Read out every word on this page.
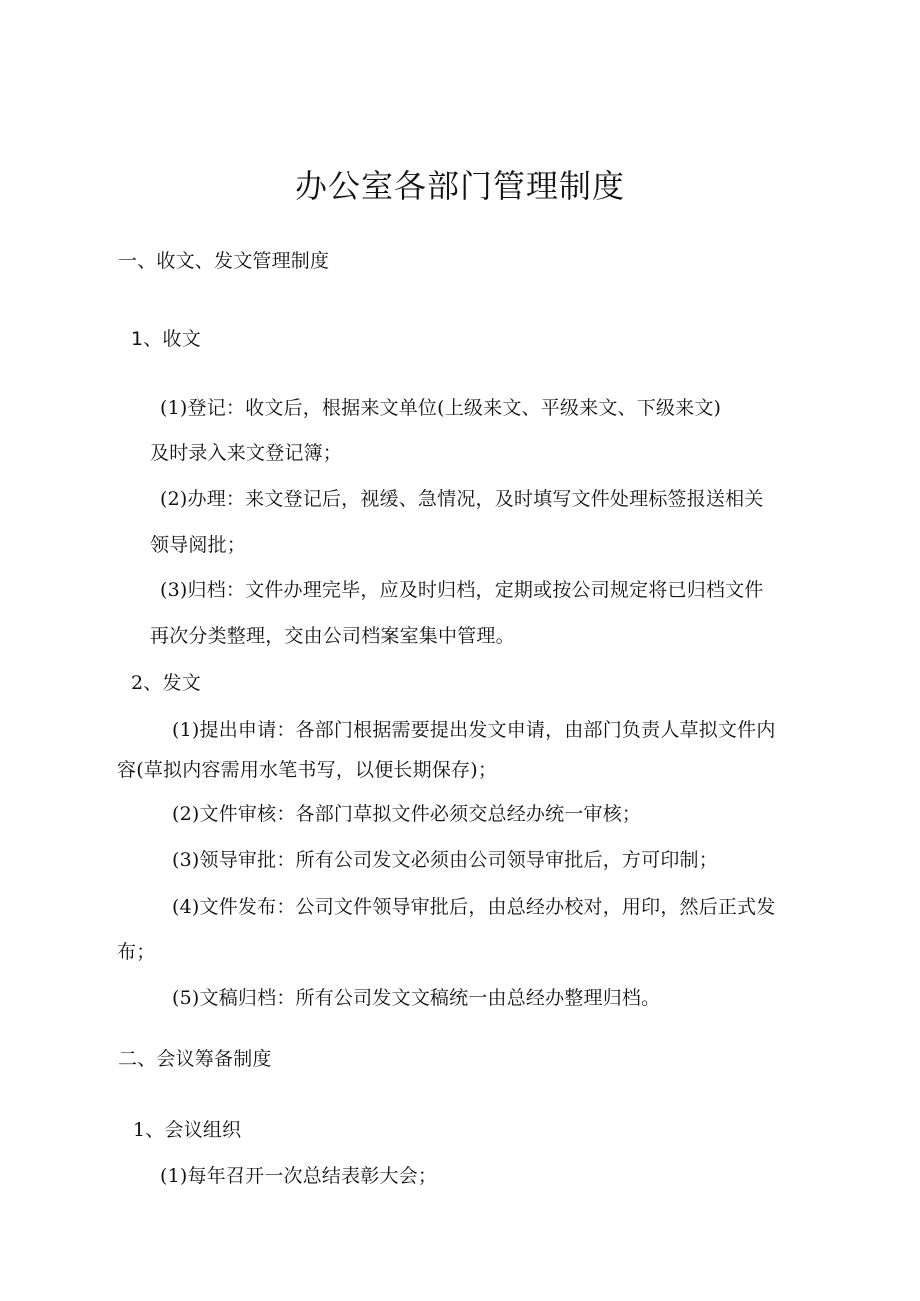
办公室各部门管理制度
一、收文、发文管理制度
1、收文
(1)登记：收文后，根据来文单位(上级来文、平级来文、下级来文)
及时录入来文登记簿；
(2)办理：来文登记后，视缓、急情况，及时填写文件处理标签报送相关
领导阅批；
(3)归档：文件办理完毕，应及时归档，定期或按公司规定将已归档文件
再次分类整理，交由公司档案室集中管理。
2、发文
(1)提出申请：各部门根据需要提出发文申请，由部门负责人草拟文件内
容(草拟内容需用水笔书写，以便长期保存)；
(2)文件审核：各部门草拟文件必须交总经办统一审核；
(3)领导审批：所有公司发文必须由公司领导审批后，方可印制；
(4)文件发布：公司文件领导审批后，由总经办校对，用印，然后正式发
布；
(5)文稿归档：所有公司发文文稿统一由总经办整理归档。
二、会议筹备制度
1、会议组织
(1)每年召开一次总结表彰大会；
